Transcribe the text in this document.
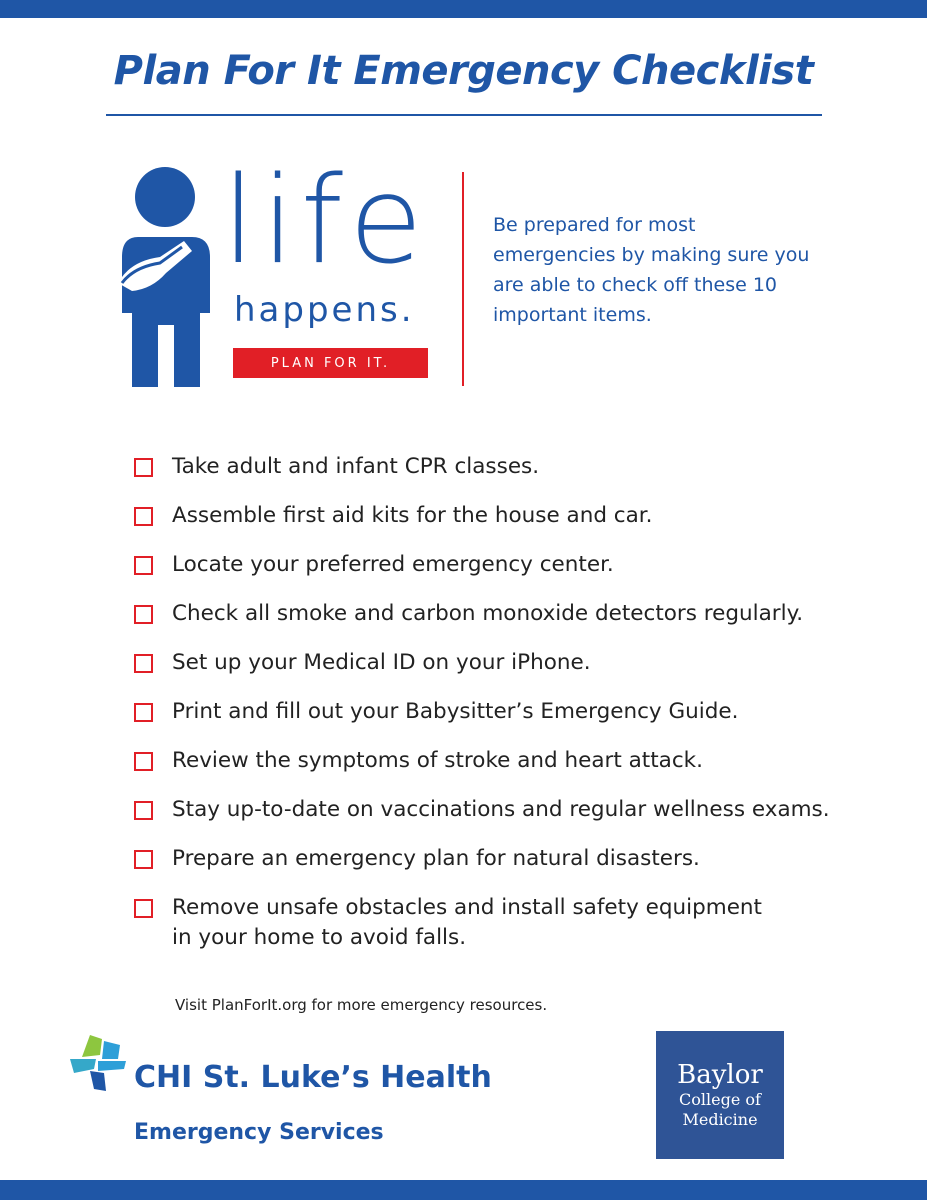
Plan For It Emergency Checklist
life
happens.
PLAN FOR IT.
Be prepared for most emergencies by making sure you are able to check off these 10 important items.
Take adult and infant CPR classes.
Assemble first aid kits for the house and car.
Locate your preferred emergency center.
Check all smoke and carbon monoxide detectors regularly.
Set up your Medical ID on your iPhone.
Print and fill out your Babysitter’s Emergency Guide.
Review the symptoms of stroke and heart attack.
Stay up-to-date on vaccinations and regular wellness exams.
Prepare an emergency plan for natural disasters.
Remove unsafe obstacles and install safety equipment
in your home to avoid falls.
Visit PlanForIt.org for more emergency resources.
CHI St. Luke’s Health
Emergency Services
Baylor
College of
Medicine
